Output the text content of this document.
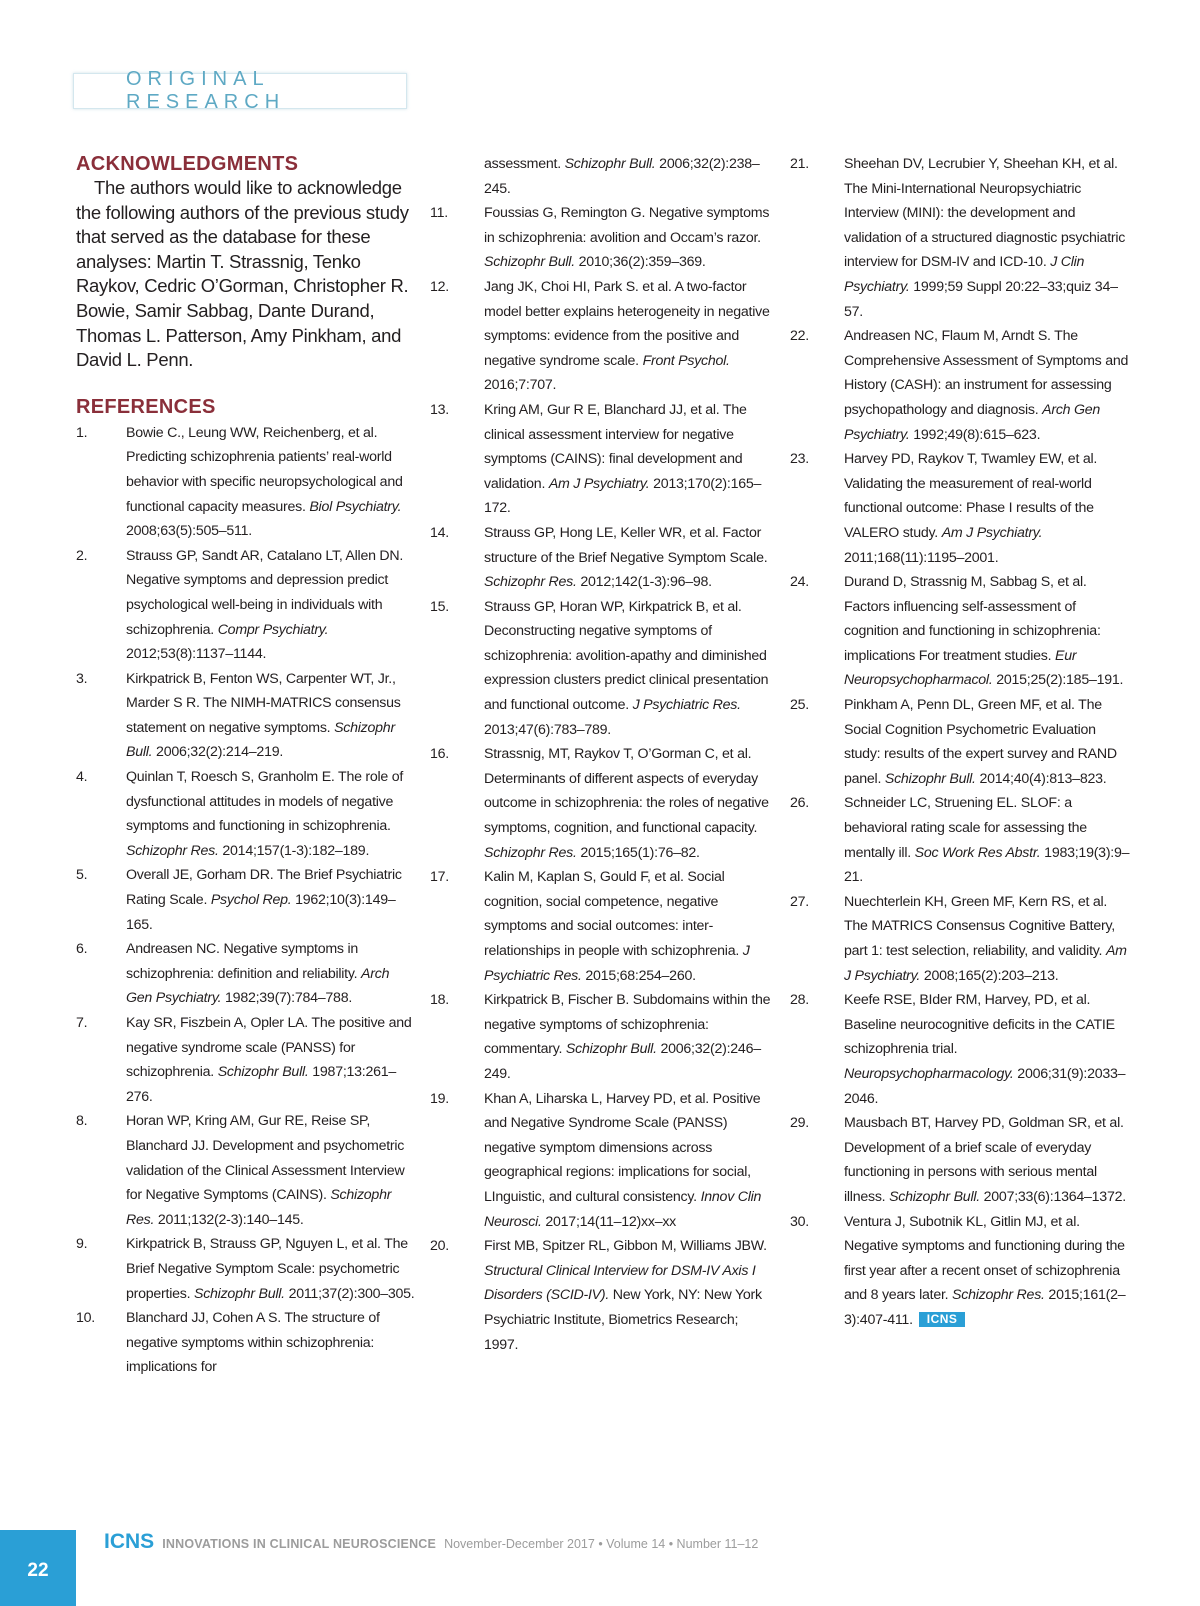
ORIGINAL RESEARCH
ACKNOWLEDGMENTS

The authors would like to acknowledge the following authors of the previous study that served as the database for these analyses: Martin T. Strassnig, Tenko Raykov, Cedric O’Gorman, Christopher R. Bowie, Samir Sabbag, Dante Durand, Thomas L. Patterson, Amy Pinkham, and David L. Penn.

REFERENCES
1.	Bowie C., Leung WW, Reichenberg, et al. Predicting schizophrenia patients’ real-world behavior with specific neuropsychological and functional capacity measures. Biol Psychiatry. 2008;63(5):505–511.
2.	Strauss GP, Sandt AR, Catalano LT, Allen DN. Negative symptoms and depression predict psychological well-being in individuals with schizophrenia. Compr Psychiatry. 2012;53(8):1137–1144.
3.	Kirkpatrick B, Fenton WS, Carpenter WT, Jr., Marder S R. The NIMH-MATRICS consensus statement on negative symptoms. Schizophr Bull. 2006;32(2):214–219.
4.	Quinlan T, Roesch S, Granholm E. The role of dysfunctional attitudes in models of negative symptoms and functioning in schizophrenia. Schizophr Res. 2014;157(1-3):182–189.
5.	Overall JE, Gorham DR. The Brief Psychiatric Rating Scale. Psychol Rep. 1962;10(3):149–165.
6.	Andreasen NC. Negative symptoms in schizophrenia: definition and reliability. Arch Gen Psychiatry. 1982;39(7):784–788.
7.	Kay SR, Fiszbein A, Opler LA. The positive and negative syndrome scale (PANSS) for schizophrenia. Schizophr Bull. 1987;13:261–276.
8.	Horan WP, Kring AM, Gur RE, Reise SP, Blanchard JJ. Development and psychometric validation of the Clinical Assessment Interview for Negative Symptoms (CAINS). Schizophr Res. 2011;132(2-3):140–145.
9.	Kirkpatrick B, Strauss GP, Nguyen L, et al. The Brief Negative Symptom Scale: psychometric properties. Schizophr Bull. 2011;37(2):300–305.
10. Blanchard JJ, Cohen A S. The structure of negative symptoms within schizophrenia: implications for
assessment. Schizophr Bull. 2006;32(2):238–245.
11.	Foussias G, Remington G. Negative symptoms in schizophrenia: avolition and Occam’s razor. Schizophr Bull. 2010;36(2):359–369.
12. Jang JK, Choi HI, Park S. et al. A two-factor model better explains heterogeneity in negative symptoms: evidence from the positive and negative syndrome scale. Front Psychol. 2016;7:707.
13. Kring AM, Gur R E, Blanchard JJ, et al. The clinical assessment interview for negative symptoms (CAINS): final development and validation. Am J Psychiatry. 2013;170(2):165–172.
14. Strauss GP, Hong LE, Keller WR, et al. Factor structure of the Brief Negative Symptom Scale. Schizophr Res. 2012;142(1-3):96–98.
15. Strauss GP, Horan WP, Kirkpatrick B, et al. Deconstructing negative symptoms of schizophrenia: avolition-apathy and diminished expression clusters predict clinical presentation and functional outcome. J Psychiatric Res. 2013;47(6):783–789.
16. Strassnig, MT, Raykov T, O’Gorman C, et al. Determinants of different aspects of everyday outcome in schizophrenia: the roles of negative symptoms, cognition, and functional capacity. Schizophr Res. 2015;165(1):76–82.
17. Kalin M, Kaplan S, Gould F, et al. Social cognition, social competence, negative symptoms and social outcomes: inter-relationships in people with schizophrenia. J Psychiatric Res. 2015;68:254–260.
18. Kirkpatrick B, Fischer B. Subdomains within the negative symptoms of schizophrenia: commentary. Schizophr Bull. 2006;32(2):246–249.
19. Khan A, Liharska L, Harvey PD, et al. Positive and Negative Syndrome Scale (PANSS) negative symptom dimensions across geographical regions: implications for social, LInguistic, and cultural consistency. Innov Clin Neurosci. 2017;14(11–12)xx–xx
20. First MB, Spitzer RL, Gibbon M, Williams JBW. Structural Clinical Interview for DSM-IV Axis I Disorders (SCID-IV). New York, NY: New York Psychiatric Institute, Biometrics Research; 1997.
21. Sheehan DV, Lecrubier Y, Sheehan KH, et al. The Mini-International Neuropsychiatric Interview (MINI): the development and validation of a structured diagnostic psychiatric interview for DSM-IV and ICD-10. J Clin Psychiatry. 1999;59 Suppl 20:22–33;quiz 34–57.
22. Andreasen NC, Flaum M, Arndt S. The Comprehensive Assessment of Symptoms and History (CASH): an instrument for assessing psychopathology and diagnosis. Arch Gen Psychiatry. 1992;49(8):615–623.
23. Harvey PD, Raykov T, Twamley EW, et al. Validating the measurement of real-world functional outcome: Phase I results of the VALERO study. Am J Psychiatry. 2011;168(11):1195–2001.
24. Durand D, Strassnig M, Sabbag S, et al. Factors influencing self-assessment of cognition and functioning in schizophrenia: implications For treatment studies. Eur Neuropsychopharmacol. 2015;25(2):185–191.
25. Pinkham A, Penn DL, Green MF, et al. The Social Cognition Psychometric Evaluation study: results of the expert survey and RAND panel. Schizophr Bull. 2014;40(4):813–823.
26. Schneider LC, Struening EL. SLOF: a behavioral rating scale for assessing the mentally ill. Soc Work Res Abstr. 1983;19(3):9–21.
27. Nuechterlein KH, Green MF, Kern RS, et al. The MATRICS Consensus Cognitive Battery, part 1: test selection, reliability, and validity. Am J Psychiatry. 2008;165(2):203–213.
28. Keefe RSE, BIder RM, Harvey, PD, et al. Baseline neurocognitive deficits in the CATIE schizophrenia trial. Neuropsychopharmacology. 2006;31(9):2033–2046.
29. Mausbach BT, Harvey PD, Goldman SR, et al. Development of a brief scale of everyday functioning in persons with serious mental illness. Schizophr Bull. 2007;33(6):1364–1372.
30. Ventura J, Subotnik KL, Gitlin MJ, et al. Negative symptoms and functioning during the first year after a recent onset of schizophrenia and 8 years later. Schizophr Res. 2015;161(2–3):407-411. ICNS
22
ICNS INNOVATIONS IN CLINICAL NEUROSCIENCE November-December 2017 • Volume 14 • Number 11–12
